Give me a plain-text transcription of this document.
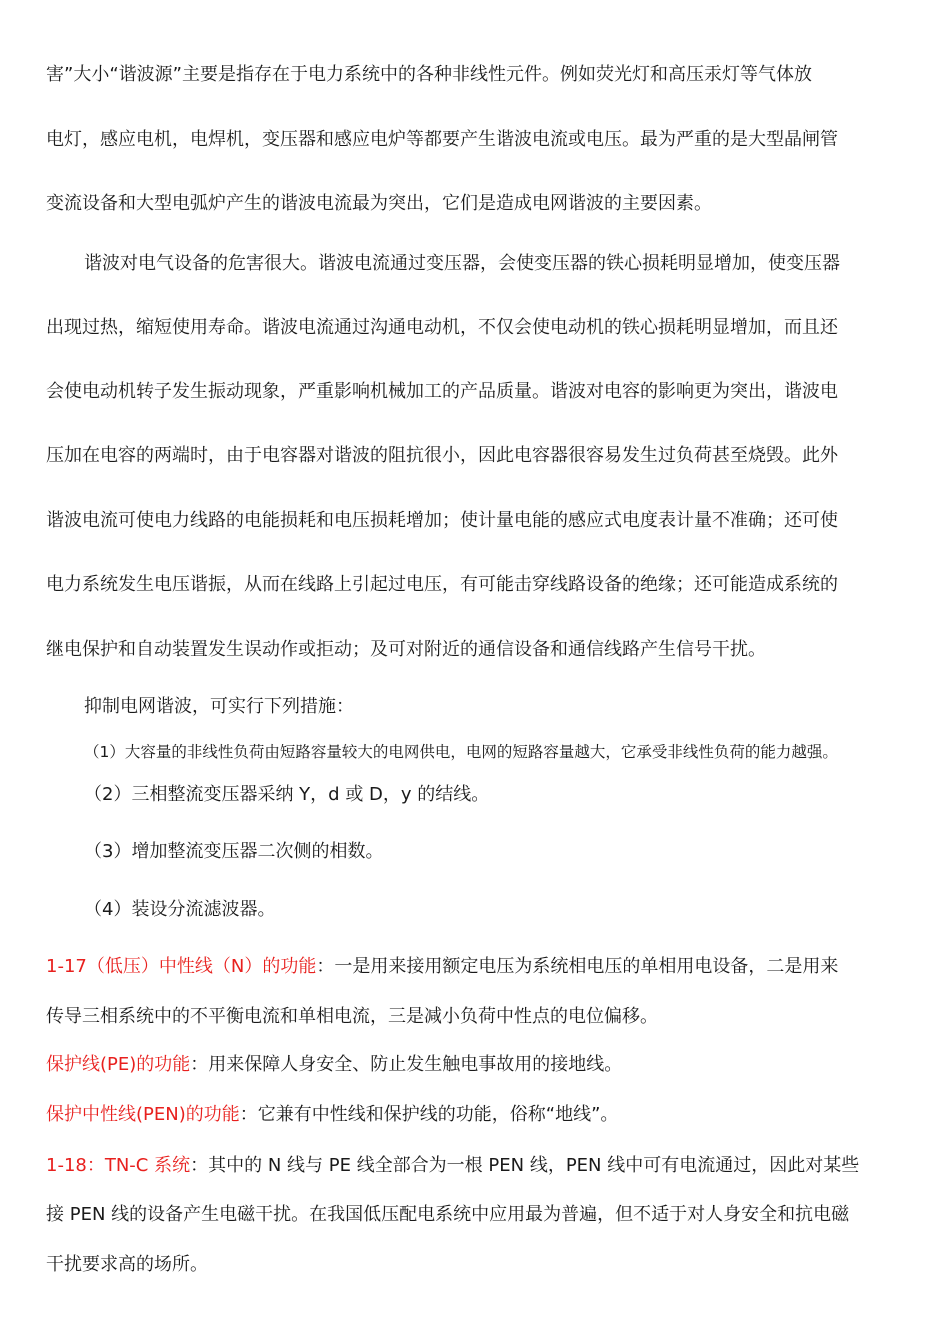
害”大小“谐波源”主要是指存在于电力系统中的各种非线性元件。例如荧光灯和高压汞灯等气体放
电灯，感应电机，电焊机，变压器和感应电炉等都要产生谐波电流或电压。最为严重的是大型晶闸管
变流设备和大型电弧炉产生的谐波电流最为突出，它们是造成电网谐波的主要因素。
谐波对电气设备的危害很大。谐波电流通过变压器，会使变压器的铁心损耗明显增加，使变压器
出现过热，缩短使用寿命。谐波电流通过沟通电动机，不仅会使电动机的铁心损耗明显增加，而且还
会使电动机转子发生振动现象，严重影响机械加工的产品质量。谐波对电容的影响更为突出，谐波电
压加在电容的两端时，由于电容器对谐波的阻抗很小，因此电容器很容易发生过负荷甚至烧毁。此外
谐波电流可使电力线路的电能损耗和电压损耗增加；使计量电能的感应式电度表计量不准确；还可使
电力系统发生电压谐振，从而在线路上引起过电压，有可能击穿线路设备的绝缘；还可能造成系统的
继电保护和自动装置发生误动作或拒动；及可对附近的通信设备和通信线路产生信号干扰。
抑制电网谐波，可实行下列措施：
（1）大容量的非线性负荷由短路容量较大的电网供电，电网的短路容量越大，它承受非线性负荷的能力越强。
（2）三相整流变压器采纳 Y，d 或 D，y 的结线。
（3）增加整流变压器二次侧的相数。
（4）装设分流滤波器。
1-17（低压）中性线（N）的功能：一是用来接用额定电压为系统相电压的单相用电设备，二是用来
传导三相系统中的不平衡电流和单相电流，三是减小负荷中性点的电位偏移。
保护线(PE)的功能：用来保障人身安全、防止发生触电事故用的接地线。
保护中性线(PEN)的功能：它兼有中性线和保护线的功能，俗称“地线”。
1-18：TN-C 系统：其中的 N 线与 PE 线全部合为一根 PEN 线，PEN 线中可有电流通过，因此对某些
接 PEN 线的设备产生电磁干扰。在我国低压配电系统中应用最为普遍，但不适于对人身安全和抗电磁
干扰要求高的场所。
